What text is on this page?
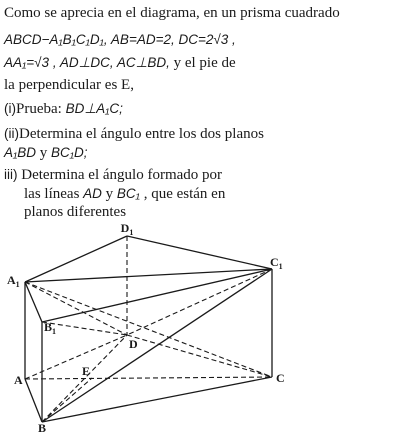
Como se aprecia en el diagrama, en un prisma cuadrado
ABCD−A₁B₁C₁D₁, AB=AD=2, DC=2√3 ,
AA₁=√3 , AD⊥DC, AC⊥BD, y el pie de
la perpendicular es E,
(i)Prueba: BD⊥A₁C;
(ii)Determina el ángulo entre los dos planos
A₁BD y BC₁D;
iii) Determina el ángulo formado por
las líneas AD y BC₁ , que están en
planos diferentes
$D_1$
$A_1$
$B_1$
$C_1$
D
A
E	C
B
